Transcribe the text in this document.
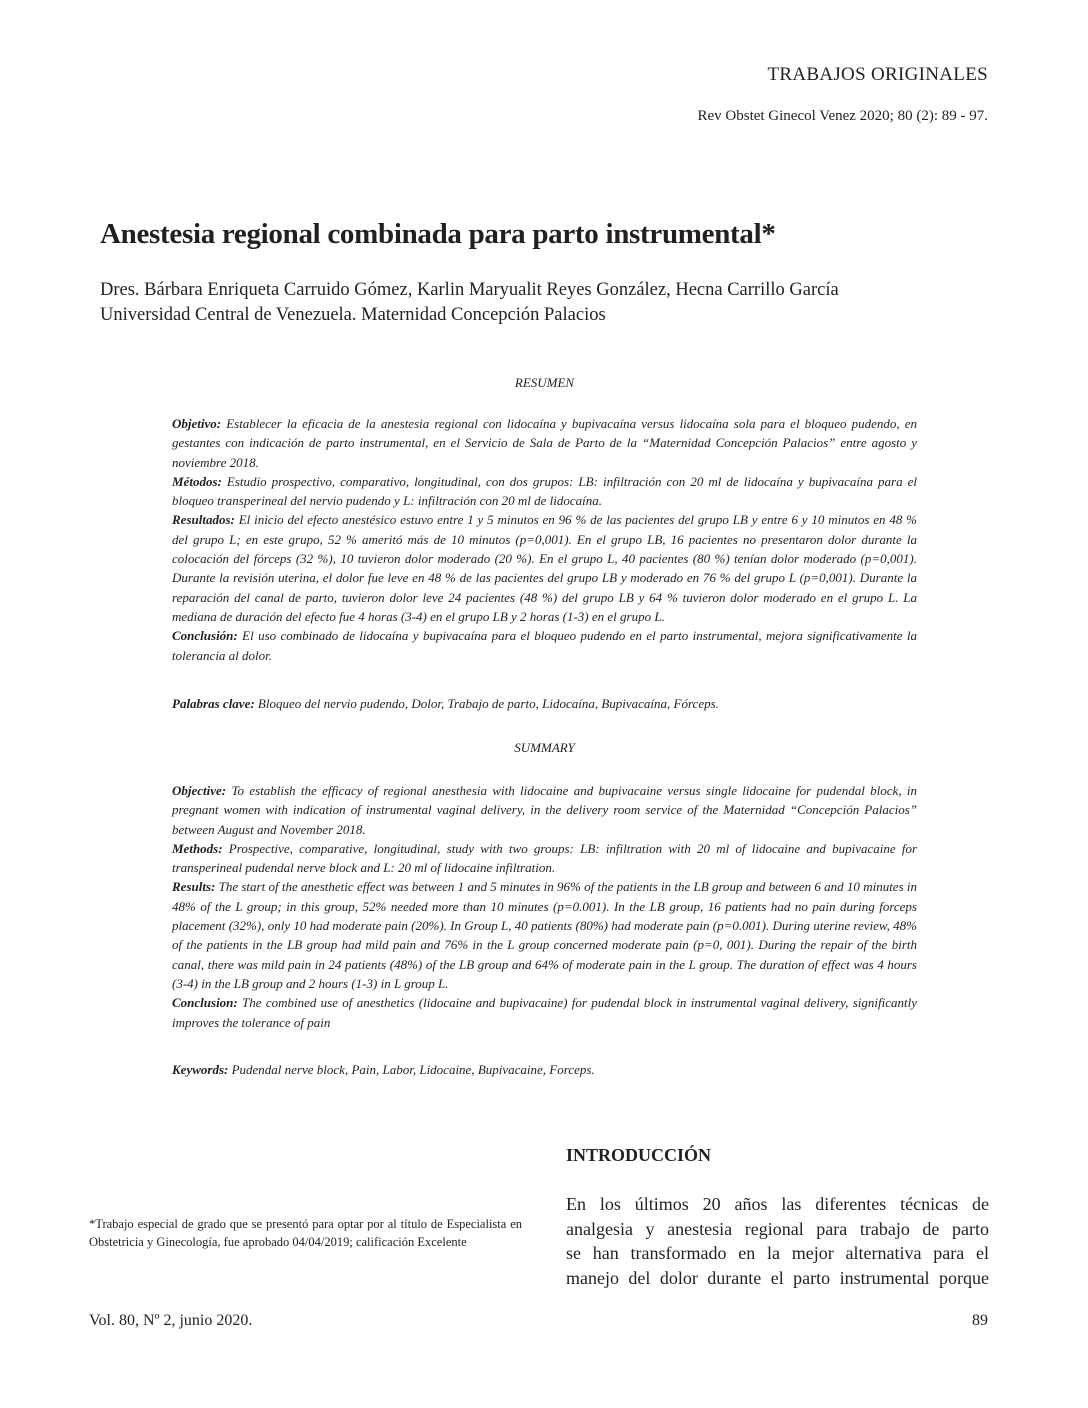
TRABAJOS ORIGINALES
Rev Obstet Ginecol Venez 2020; 80 (2): 89 - 97.
Anestesia regional combinada para parto instrumental*
Dres. Bárbara Enriqueta Carruido Gómez, Karlin Maryualit Reyes González, Hecna Carrillo García
Universidad Central de Venezuela. Maternidad Concepción Palacios
RESUMEN

Objetivo: Establecer la eficacia de la anestesia regional con lidocaína y bupivacaína versus lidocaína sola para el bloqueo pudendo, en gestantes con indicación de parto instrumental, en el Servicio de Sala de Parto de la “Maternidad Concepción Palacios” entre agosto y noviembre 2018.

Métodos: Estudio prospectivo, comparativo, longitudinal, con dos grupos: LB: infiltración con 20 ml de lidocaína y bupivacaína para el bloqueo transperineal del nervio pudendo y L: infiltración con 20 ml de lidocaína.

Resultados: El inicio del efecto anestésico estuvo entre 1 y 5 minutos en 96 % de las pacientes del grupo LB y entre 6 y 10 minutos en 48 % del grupo L; en este grupo, 52 % ameritó más de 10 minutos (p=0,001). En el grupo LB, 16 pacientes no presentaron dolor durante la colocación del fórceps (32 %), 10 tuvieron dolor moderado (20 %). En el grupo L, 40 pacientes (80 %) tenían dolor moderado (p=0,001). Durante la revisión uterina, el dolor fue leve en 48 % de las pacientes del grupo LB y moderado en 76 % del grupo L (p=0,001). Durante la reparación del canal de parto, tuvieron dolor leve 24 pacientes (48 %) del grupo LB y 64 % tuvieron dolor moderado en el grupo L. La mediana de duración del efecto fue 4 horas (3-4) en el grupo LB y 2 horas (1-3) en el grupo L.

Conclusión: El uso combinado de lidocaína y bupivacaína para el bloqueo pudendo en el parto instrumental, mejora significativamente la tolerancia al dolor.

Palabras clave: Bloqueo del nervio pudendo, Dolor, Trabajo de parto, Lidocaína, Bupivacaína, Fórceps.

SUMMARY

Objective: To establish the efficacy of regional anesthesia with lidocaine and bupivacaine versus single lidocaine for pudendal block, in pregnant women with indication of instrumental vaginal delivery, in the delivery room service of the Maternidad “Concepción Palacios” between August and November 2018.

Methods: Prospective, comparative, longitudinal, study with two groups: LB: infiltration with 20 ml of lidocaine and bupivacaine for transperineal pudendal nerve block and L: 20 ml of lidocaine infiltration.

Results: The start of the anesthetic effect was between 1 and 5 minutes in 96% of the patients in the LB group and between 6 and 10 minutes in 48% of the L group; in this group, 52% needed more than 10 minutes (p=0.001). In the LB group, 16 patients had no pain during forceps placement (32%), only 10 had moderate pain (20%). In Group L, 40 patients (80%) had moderate pain (p=0.001). During uterine review, 48% of the patients in the LB group had mild pain and 76% in the L group concerned moderate pain (p=0, 001). During the repair of the birth canal, there was mild pain in 24 patients (48%) of the LB group and 64% of moderate pain in the L group. The duration of effect was 4 hours (3-4) in the LB group and 2 hours (1-3) in L group L.

Conclusion: The combined use of anesthetics (lidocaine and bupivacaine) for pudendal block in instrumental vaginal delivery, significantly improves the tolerance of pain

Keywords: Pudendal nerve block, Pain, Labor, Lidocaine, Bupivacaine, Forceps.

INTRODUCCIÓN
En los últimos 20 años las diferentes técnicas de
analgesia y anestesia regional para trabajo de parto
se han transformado en la mejor alternativa para el
manejo del dolor durante el parto instrumental porque
*Trabajo especial de grado que se presentó para optar por al título de Especialista en Obstetricia y Ginecología, fue aprobado 04/04/2019; calificación Excelente
Vol. 80, Nº 2, junio 2020.	89
